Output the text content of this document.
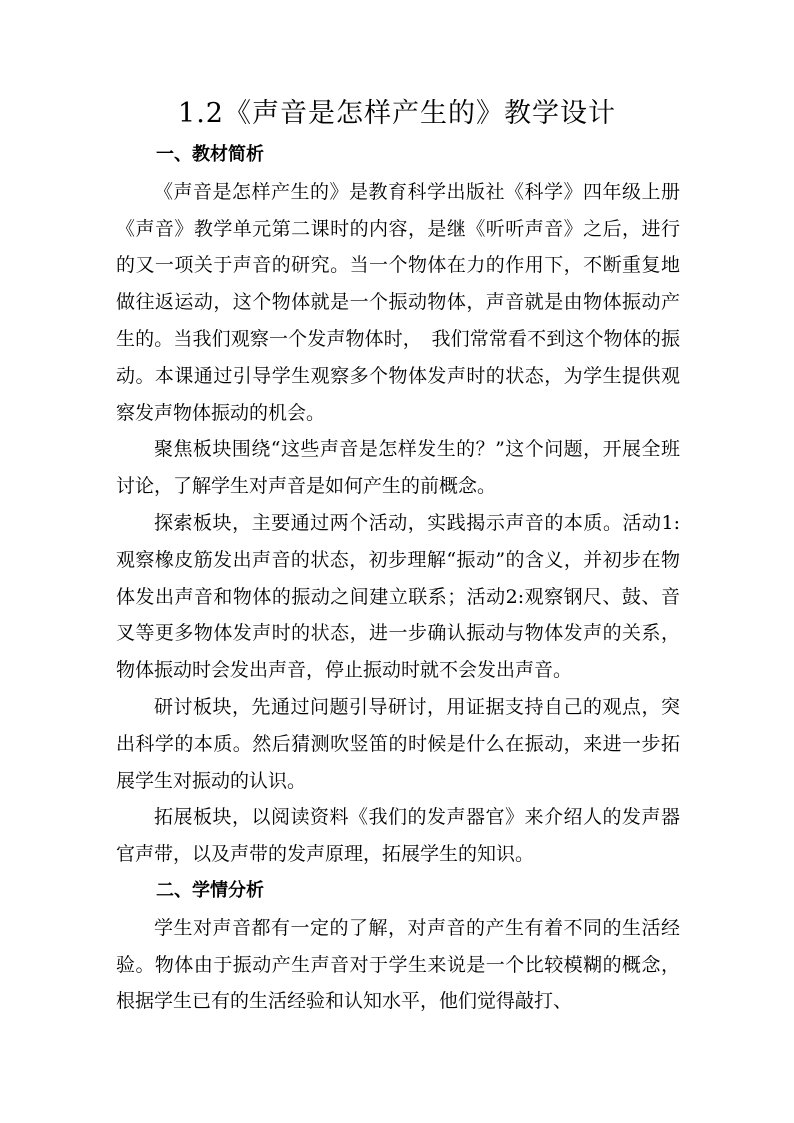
1.2《声音是怎样产生的》教学设计

一、教材简析

《声音是怎样产生的》是教育科学出版社《科学》四年级上册《声音》教学单元第二课时的内容，是继《听听声音》之后，进行的又一项关于声音的研究。当一个物体在力的作用下，不断重复地做往返运动，这个物体就是一个振动物体，声音就是由物体振动产生的。当我们观察一个发声物体时，　我们常常看不到这个物体的振动。本课通过引导学生观察多个物体发声时的状态，为学生提供观察发声物体振动的机会。

聚焦板块围绕“这些声音是怎样发生的？”这个问题，开展全班讨论，了解学生对声音是如何产生的前概念。

探索板块，主要通过两个活动，实践揭示声音的本质。活动1:观察橡皮筋发出声音的状态，初步理解“振动”的含义，并初步在物体发出声音和物体的振动之间建立联系；活动2:观察钢尺、鼓、音叉等更多物体发声时的状态，进一步确认振动与物体发声的关系，物体振动时会发出声音，停止振动时就不会发出声音。

研讨板块，先通过问题引导研讨，用证据支持自己的观点，突出科学的本质。然后猜测吹竖笛的时候是什么在振动，来进一步拓展学生对振动的认识。

拓展板块，以阅读资料《我们的发声器官》来介绍人的发声器官声带，以及声带的发声原理，拓展学生的知识。

二、学情分析

学生对声音都有一定的了解，对声音的产生有着不同的生活经验。物体由于振动产生声音对于学生来说是一个比较模糊的概念，根据学生已有的生活经验和认知水平，他们觉得敲打、
